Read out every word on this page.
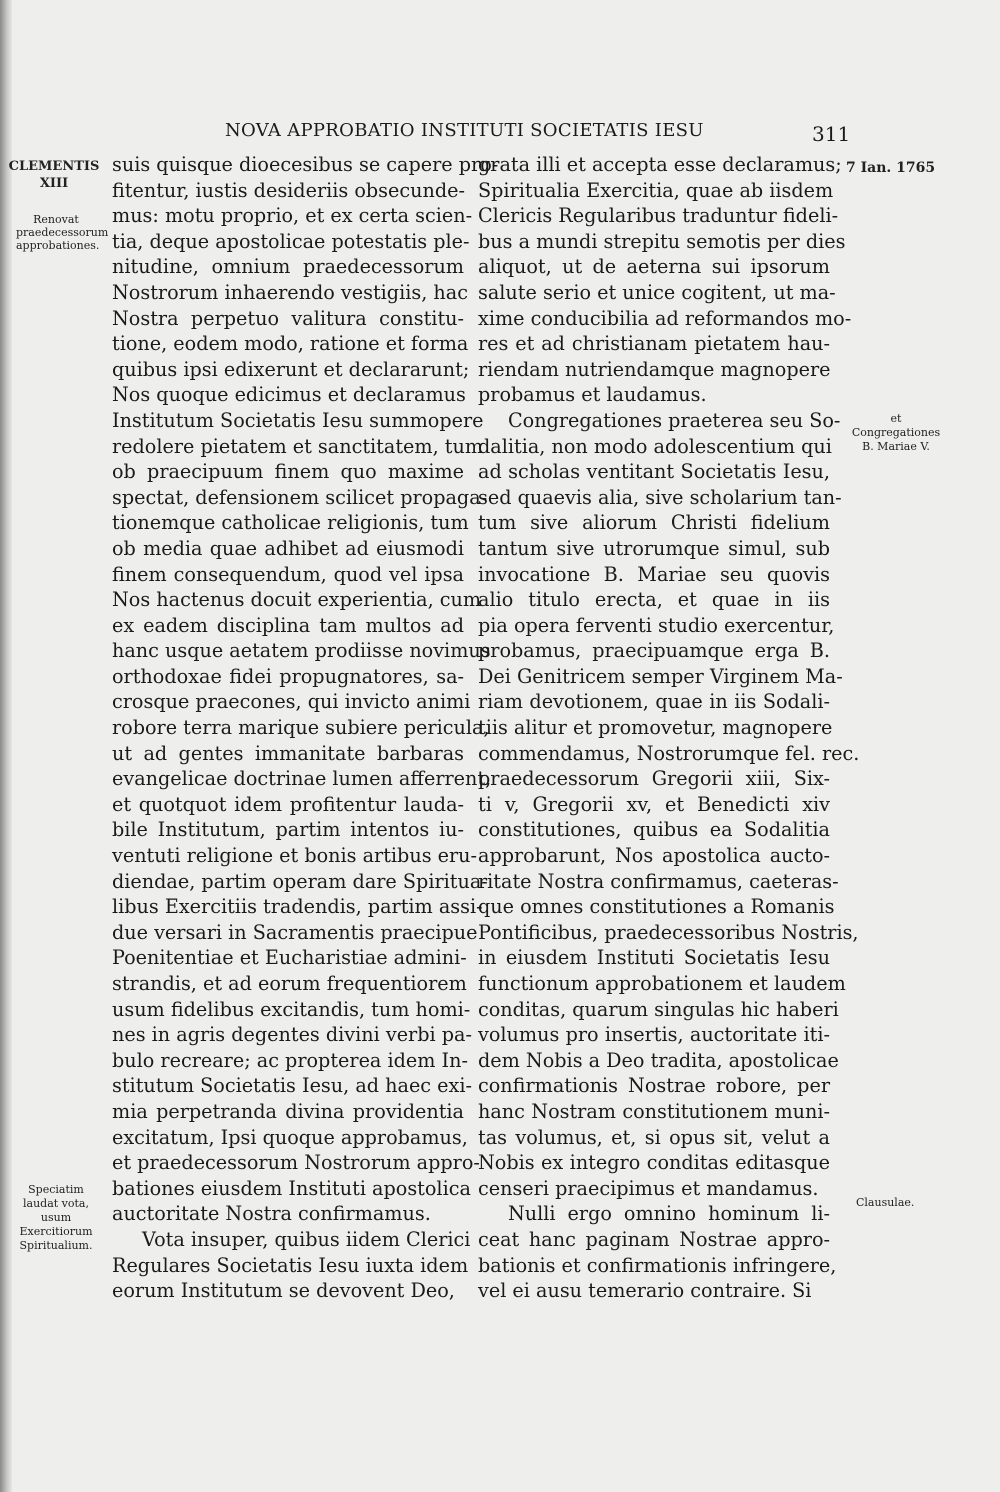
NOVA APPROBATIO INSTITUTI SOCIETATIS IESU	311
CLEMENTIS
XIII
Renovat praedecessorum approbationes.
Speciatim laudat vota, usum Exercitiorum Spiritualium.
7 Ian. 1765
et Congregationes B. Mariae V.
Clausulae.

suis quisque dioecesibus se capere pro-

fitentur, iustis desideriis obsecunde-

mus: motu proprio, et ex certa scien-

tia, deque apostolicae potestatis ple-

nitudine, omnium praedecessorum

Nostrorum inhaerendo vestigiis, hac

Nostra perpetuo valitura constitu-

tione, eodem modo, ratione et forma

quibus ipsi edixerunt et declararunt;

Nos quoque edicimus et declaramus

Institutum Societatis Iesu summopere

redolere pietatem et sanctitatem, tum

ob praecipuum finem quo maxime

spectat, defensionem scilicet propaga-

tionemque catholicae religionis, tum

ob media quae adhibet ad eiusmodi

finem consequendum, quod vel ipsa

Nos hactenus docuit experientia, cum

ex eadem disciplina tam multos ad

hanc usque aetatem prodiisse novimus

orthodoxae fidei propugnatores, sa-

crosque praecones, qui invicto animi

robore terra marique subiere pericula,

ut ad gentes immanitate barbaras

evangelicae doctrinae lumen afferrent,

et quotquot idem profitentur lauda-

bile Institutum, partim intentos iu-

ventuti religione et bonis artibus eru-

diendae, partim operam dare Spiritua-

libus Exercitiis tradendis, partim assi-

due versari in Sacramentis praecipue

Poenitentiae et Eucharistiae admini-

strandis, et ad eorum frequentiorem

usum fidelibus excitandis, tum homi-

nes in agris degentes divini verbi pa-

bulo recreare; ac propterea idem In-

stitutum Societatis Iesu, ad haec exi-

mia perpetranda divina providentia

excitatum, Ipsi quoque approbamus,

et praedecessorum Nostrorum appro-

bationes eiusdem Instituti apostolica

auctoritate Nostra confirmamus.

Vota insuper, quibus iidem Clerici

Regulares Societatis Iesu iuxta idem

eorum Institutum se devovent Deo,

grata illi et accepta esse declaramus;

Spiritualia Exercitia, quae ab iisdem

Clericis Regularibus traduntur fideli-

bus a mundi strepitu semotis per dies

aliquot, ut de aeterna sui ipsorum

salute serio et unice cogitent, ut ma-

xime conducibilia ad reformandos mo-

res et ad christianam pietatem hau-

riendam nutriendamque magnopere

probamus et laudamus.

Congregationes praeterea seu So-

dalitia, non modo adolescentium qui

ad scholas ventitant Societatis Iesu,

sed quaevis alia, sive scholarium tan-

tum sive aliorum Christi fidelium

tantum sive utrorumque simul, sub

invocatione B. Mariae seu quovis

alio titulo erecta, et quae in iis

pia opera ferventi studio exercentur,

probamus, praecipuamque erga B.

Dei Genitricem semper Virginem Ma-

riam devotionem, quae in iis Sodali-

tiis alitur et promovetur, magnopere

commendamus, Nostrorumque fel. rec.

praedecessorum Gregorii xiii, Six-

ti v, Gregorii xv, et Benedicti xiv

constitutiones, quibus ea Sodalitia

approbarunt, Nos apostolica aucto-

ritate Nostra confirmamus, caeteras-

que omnes constitutiones a Romanis

Pontificibus, praedecessoribus Nostris,

in eiusdem Instituti Societatis Iesu

functionum approbationem et laudem

conditas, quarum singulas hic haberi

volumus pro insertis, auctoritate iti-

dem Nobis a Deo tradita, apostolicae

confirmationis Nostrae robore, per

hanc Nostram constitutionem muni-

tas volumus, et, si opus sit, velut a

Nobis ex integro conditas editasque

censeri praecipimus et mandamus.

Nulli ergo omnino hominum li-

ceat hanc paginam Nostrae appro-

bationis et confirmationis infringere,

vel ei ausu temerario contraire. Si
